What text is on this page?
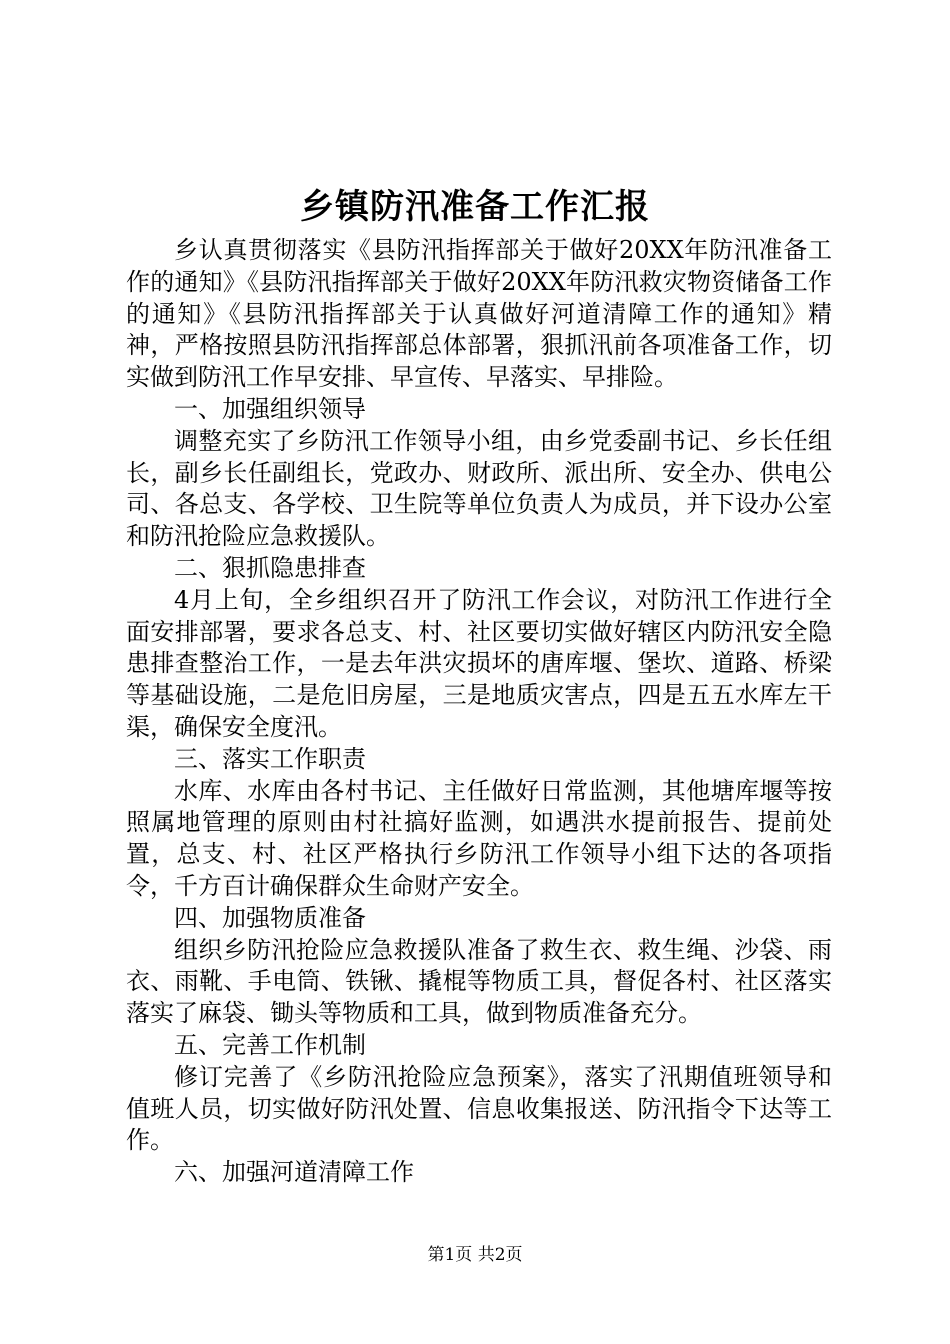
乡镇防汛准备工作汇报

乡认真贯彻落实《县防汛指挥部关于做好20XX年防汛准备工作的通知》《县防汛指挥部关于做好20XX年防汛救灾物资储备工作的通知》《县防汛指挥部关于认真做好河道清障工作的通知》精神，严格按照县防汛指挥部总体部署，狠抓汛前各项准备工作，切实做到防汛工作早安排、早宣传、早落实、早排险。

一、加强组织领导

调整充实了乡防汛工作领导小组，由乡党委副书记、乡长任组长，副乡长任副组长，党政办、财政所、派出所、安全办、供电公司、各总支、各学校、卫生院等单位负责人为成员，并下设办公室和防汛抢险应急救援队。

二、狠抓隐患排查

4月上旬，全乡组织召开了防汛工作会议，对防汛工作进行全面安排部署，要求各总支、村、社区要切实做好辖区内防汛安全隐患排查整治工作，一是去年洪灾损坏的唐库堰、堡坎、道路、桥梁等基础设施，二是危旧房屋，三是地质灾害点，四是五五水库左干渠，确保安全度汛。

三、落实工作职责

水库、水库由各村书记、主任做好日常监测，其他塘库堰等按照属地管理的原则由村社搞好监测，如遇洪水提前报告、提前处置，总支、村、社区严格执行乡防汛工作领导小组下达的各项指令，千方百计确保群众生命财产安全。

四、加强物质准备

组织乡防汛抢险应急救援队准备了救生衣、救生绳、沙袋、雨衣、雨靴、手电筒、铁锹、撬棍等物质工具，督促各村、社区落实落实了麻袋、锄头等物质和工具，做到物质准备充分。

五、完善工作机制

修订完善了《乡防汛抢险应急预案》，落实了汛期值班领导和值班人员，切实做好防汛处置、信息收集报送、防汛指令下达等工作。

六、加强河道清障工作

第1页 共2页
